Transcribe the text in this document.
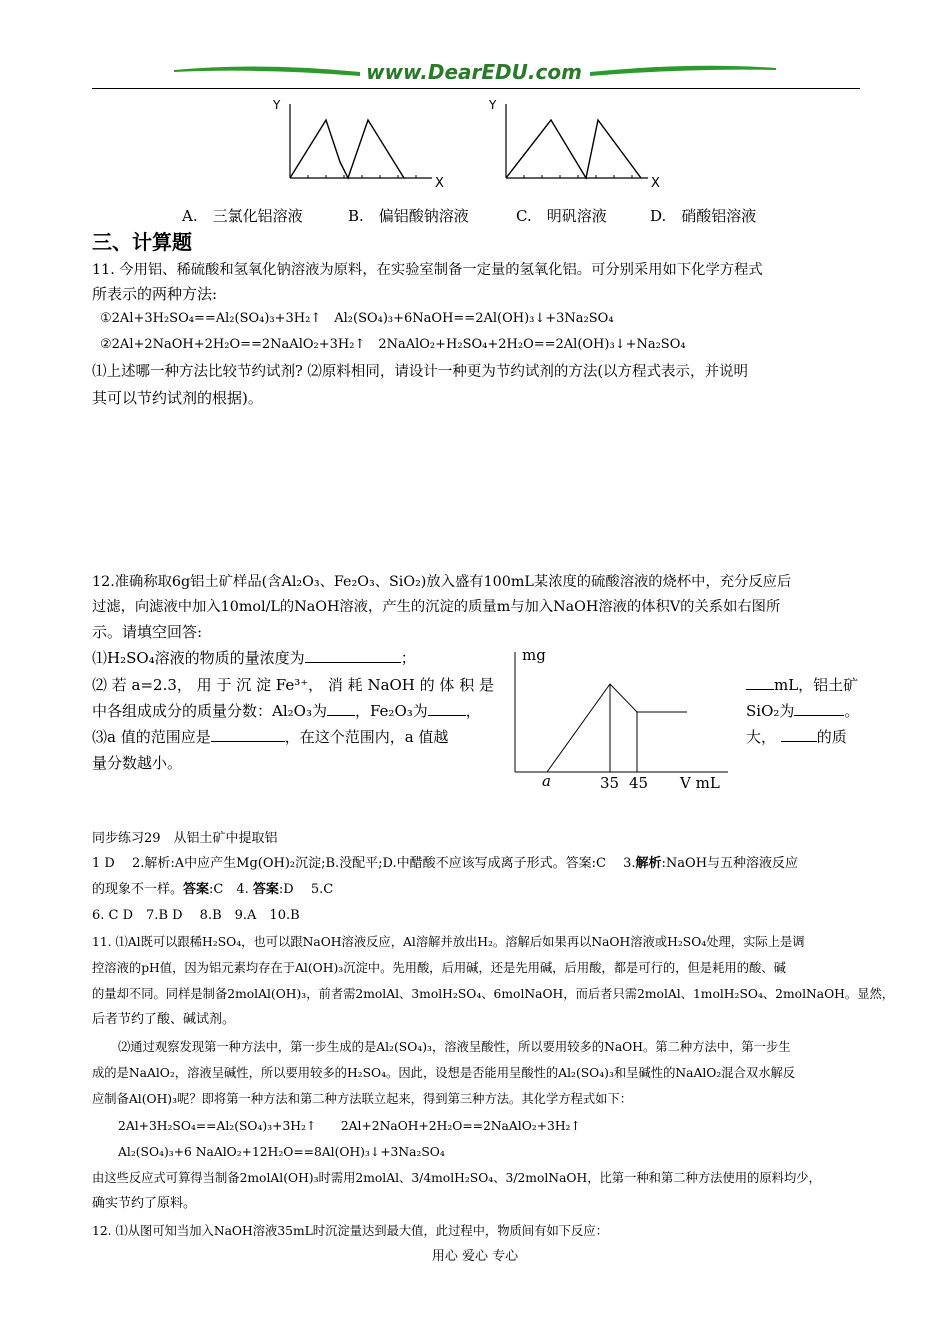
www.DearEDU.com
Y
X
Y
X
A.　三氯化铝溶液	B.　偏铝酸钠溶液	C.　明矾溶液	D.　硝酸铝溶液
三、计算题
11. 今用铝、稀硫酸和氢氧化钠溶液为原料，在实验室制备一定量的氢氧化铝。可分别采用如下化学方程式
所表示的两种方法:
①2Al+3H₂SO₄==Al₂(SO₄)₃+3H₂↑　Al₂(SO₄)₃+6NaOH==2Al(OH)₃↓+3Na₂SO₄
②2Al+2NaOH+2H₂O==2NaAlO₂+3H₂↑　2NaAlO₂+H₂SO₄+2H₂O==2Al(OH)₃↓+Na₂SO₄
⑴上述哪一种方法比较节约试剂? ⑵原料相同，请设计一种更为节约试剂的方法(以方程式表示，并说明
其可以节约试剂的根据)。
12.准确称取6g铝土矿样品(含Al₂O₃、Fe₂O₃、SiO₂)放入盛有100mL某浓度的硫酸溶液的烧杯中，充分反应后
过滤，向滤液中加入10mol/L的NaOH溶液，产生的沉淀的质量m与加入NaOH溶液的体积V的关系如右图所
示。请填空回答:
⑴H₂SO₄溶液的物质的量浓度为	；
⑵ 若 a=2.3， 用 于 沉 淀 Fe³⁺， 消 耗 NaOH 的 体 积 是	mL，铝土矿
中各组成成分的质量分数：Al₂O₃为 ，Fe₂O₃为	，	SiO₂为	。
⑶a 值的范围应是	，在这个范围内，a 值越	大，	的质
量分数越小。
mg
a	35 45 V mL
同步练习29　从铝土矿中提取铝
1 D　 2.解析:A中应产生Mg(OH)₂沉淀;B.没配平;D.中醋酸不应该写成离子形式。答案:C　 3.解析:NaOH与五种溶液反应
的现象不一样。答案:C　4. 答案:D　 5.C
6. C D　7.B D　 8.B　9.A　10.B
11. ⑴Al既可以跟稀H₂SO₄，也可以跟NaOH溶液反应，Al溶解并放出H₂。溶解后如果再以NaOH溶液或H₂SO₄处理，实际上是调
控溶液的pH值，因为铝元素均存在于Al(OH)₃沉淀中。先用酸，后用碱，还是先用碱，后用酸，都是可行的，但是耗用的酸、碱
的量却不同。同样是制备2molAl(OH)₃，前者需2molAl、3molH₂SO₄、6molNaOH，而后者只需2molAl、1molH₂SO₄、2molNaOH。显然，
后者节约了酸、碱试剂。
⑵通过观察发现第一种方法中，第一步生成的是Al₂(SO₄)₃，溶液呈酸性，所以要用较多的NaOH。第二种方法中，第一步生
成的是NaAlO₂，溶液呈碱性，所以要用较多的H₂SO₄。因此，设想是否能用呈酸性的Al₂(SO₄)₃和呈碱性的NaAlO₂混合双水解反
应制备Al(OH)₃呢？即将第一种方法和第二种方法联立起来，得到第三种方法。其化学方程式如下：
2Al+3H₂SO₄==Al₂(SO₄)₃+3H₂↑　　2Al+2NaOH+2H₂O==2NaAlO₂+3H₂↑
Al₂(SO₄)₃+6 NaAlO₂+12H₂O==8Al(OH)₃↓+3Na₂SO₄
由这些反应式可算得当制备2molAl(OH)₃时需用2molAl、3/4molH₂SO₄、3/2molNaOH，比第一种和第二种方法使用的原料均少，
确实节约了原料。
12. ⑴从图可知当加入NaOH溶液35mL时沉淀量达到最大值，此过程中，物质间有如下反应：
用心 爱心 专心
